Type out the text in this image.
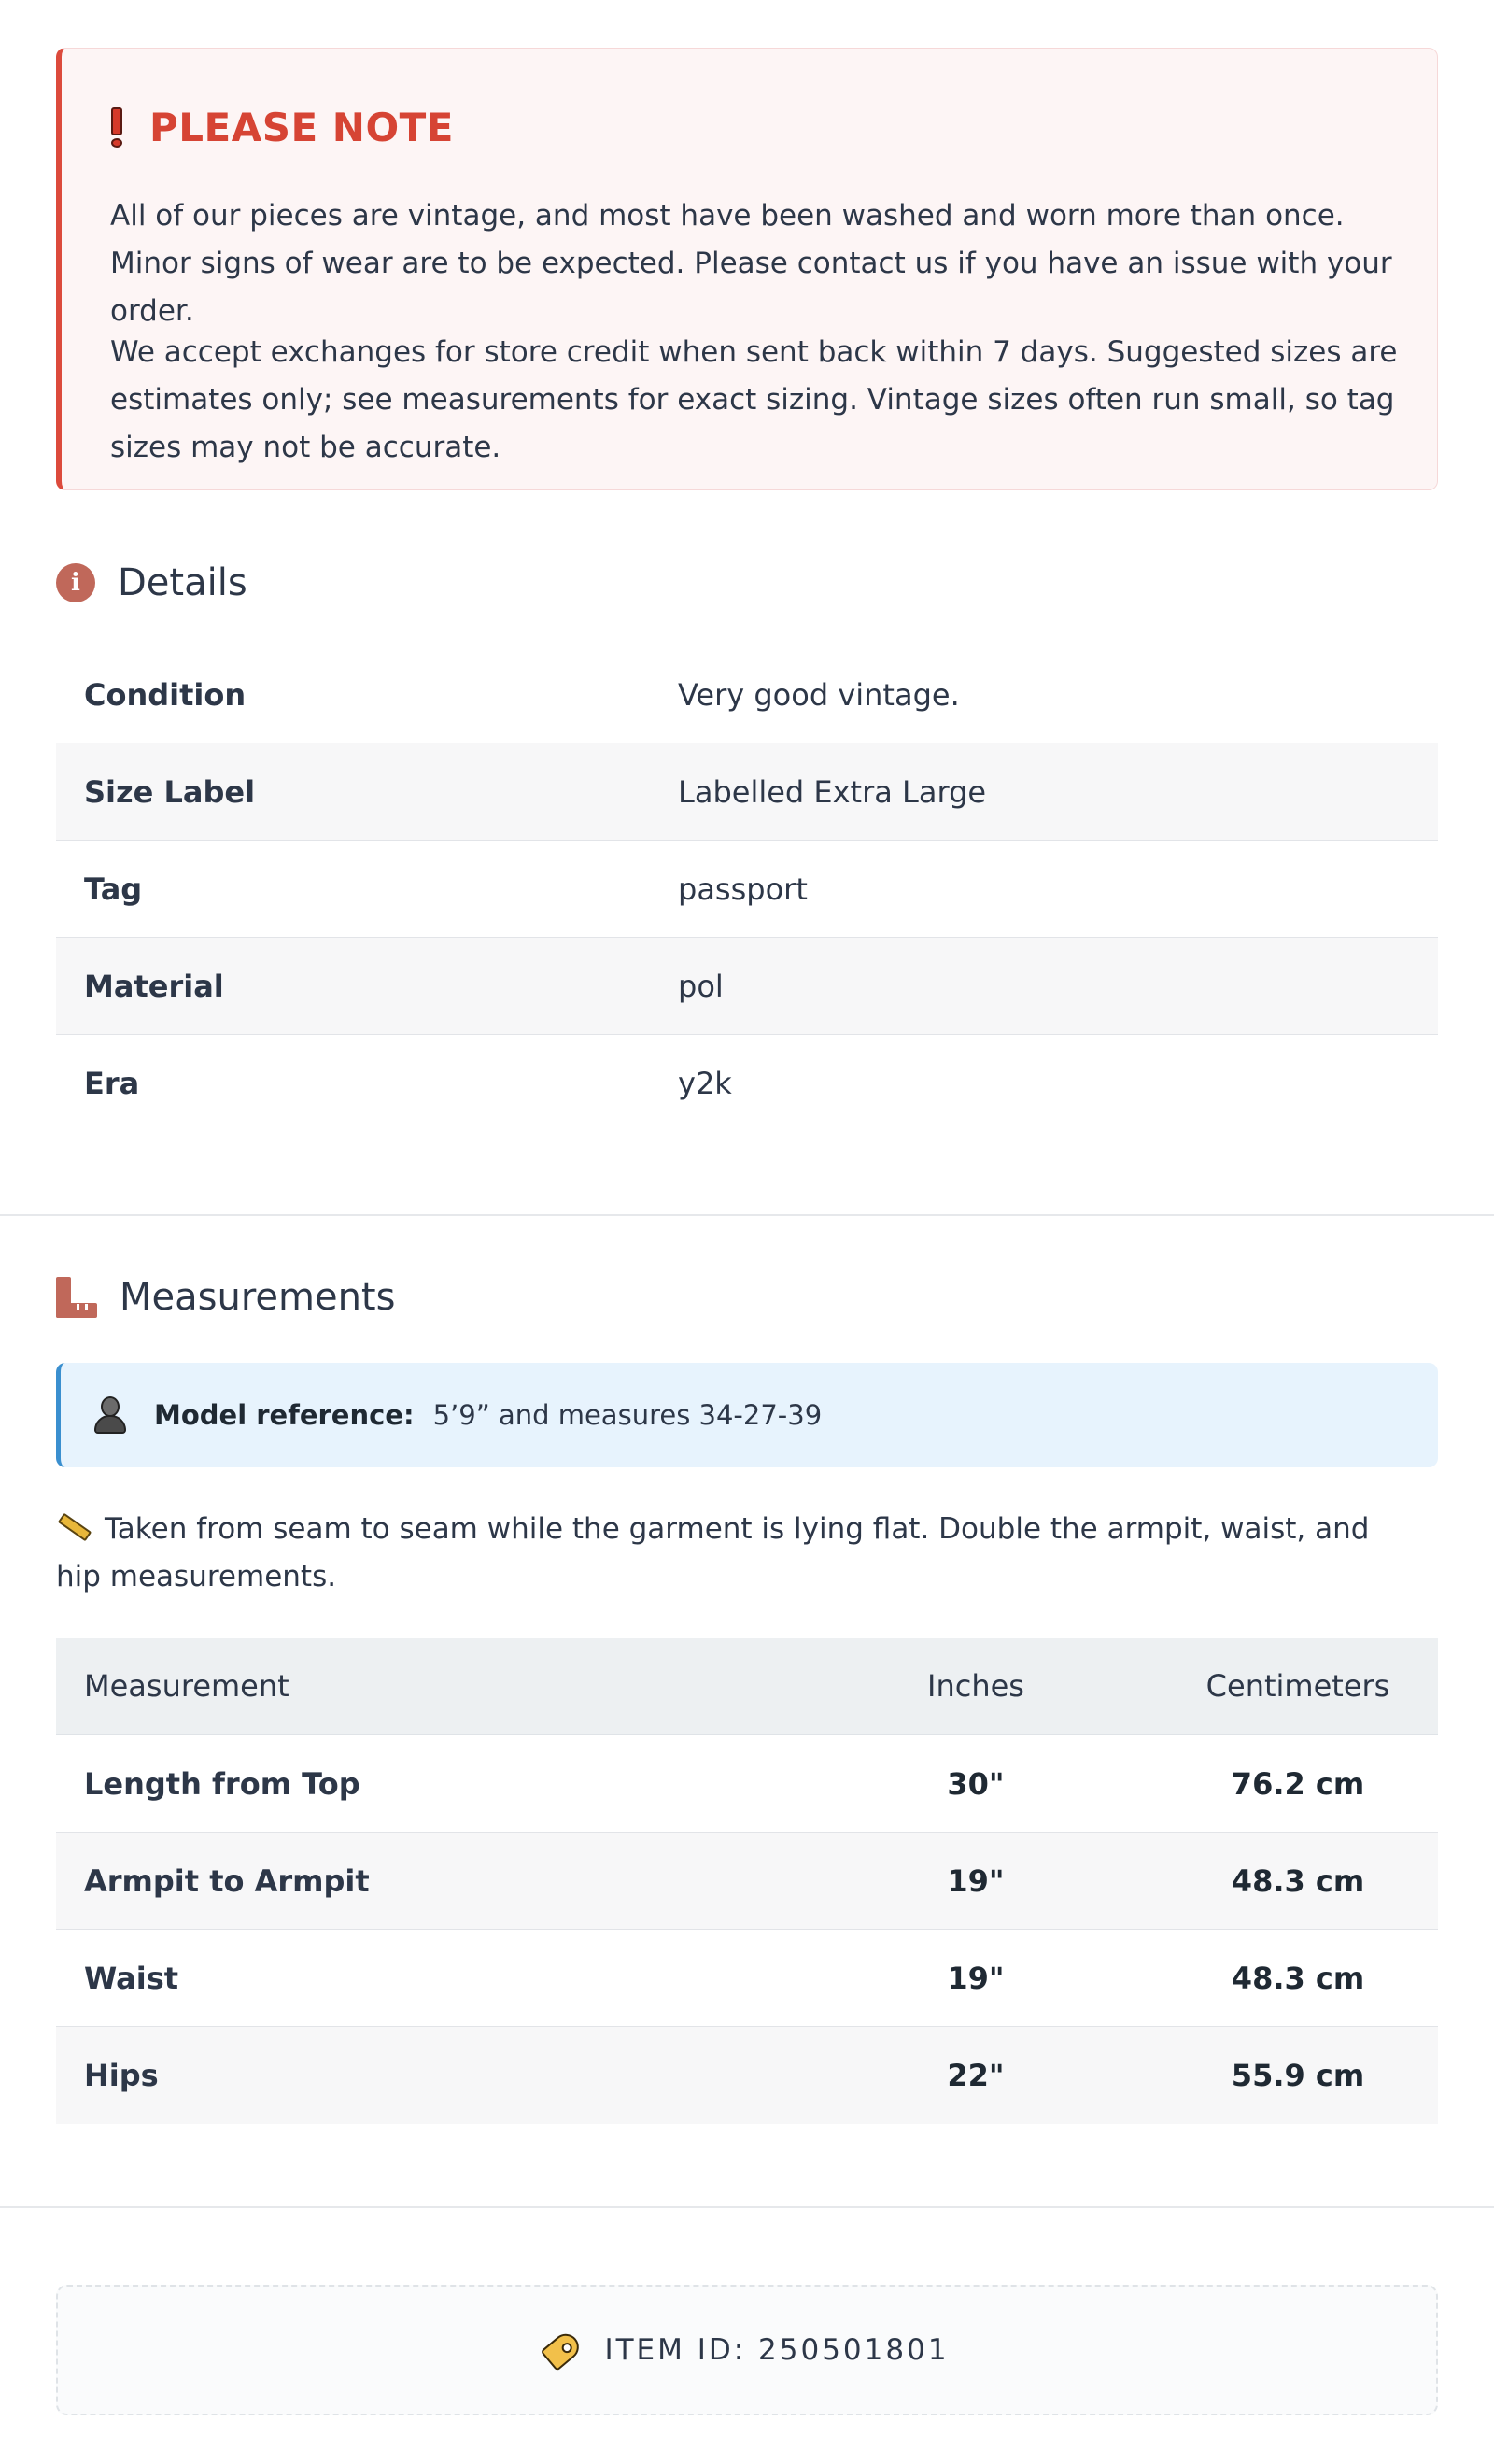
PLEASE NOTE

All of our pieces are vintage, and most have been washed and worn more than once. Minor signs of wear are to be expected. Please contact us if you have an issue with your order.

We accept exchanges for store credit when sent back within 7 days. Suggested sizes are estimates only; see measurements for exact sizing. Vintage sizes often run small, so tag sizes may not be accurate.

i	Details
Condition	Very good vintage.
Size Label	Labelled Extra Large
Tag	passport
Material	pol
Era	y2k
Measurements
Model reference: 5’9” and measures 34-27-39

Taken from seam to seam while the garment is lying flat. Double the armpit, waist, and hip measurements.

Measurement	Inches	Centimeters
Length from Top	30"	76.2 cm
Armpit to Armpit	19"	48.3 cm
Waist	19"	48.3 cm
Hips	22"	55.9 cm
ITEM ID: 250501801
